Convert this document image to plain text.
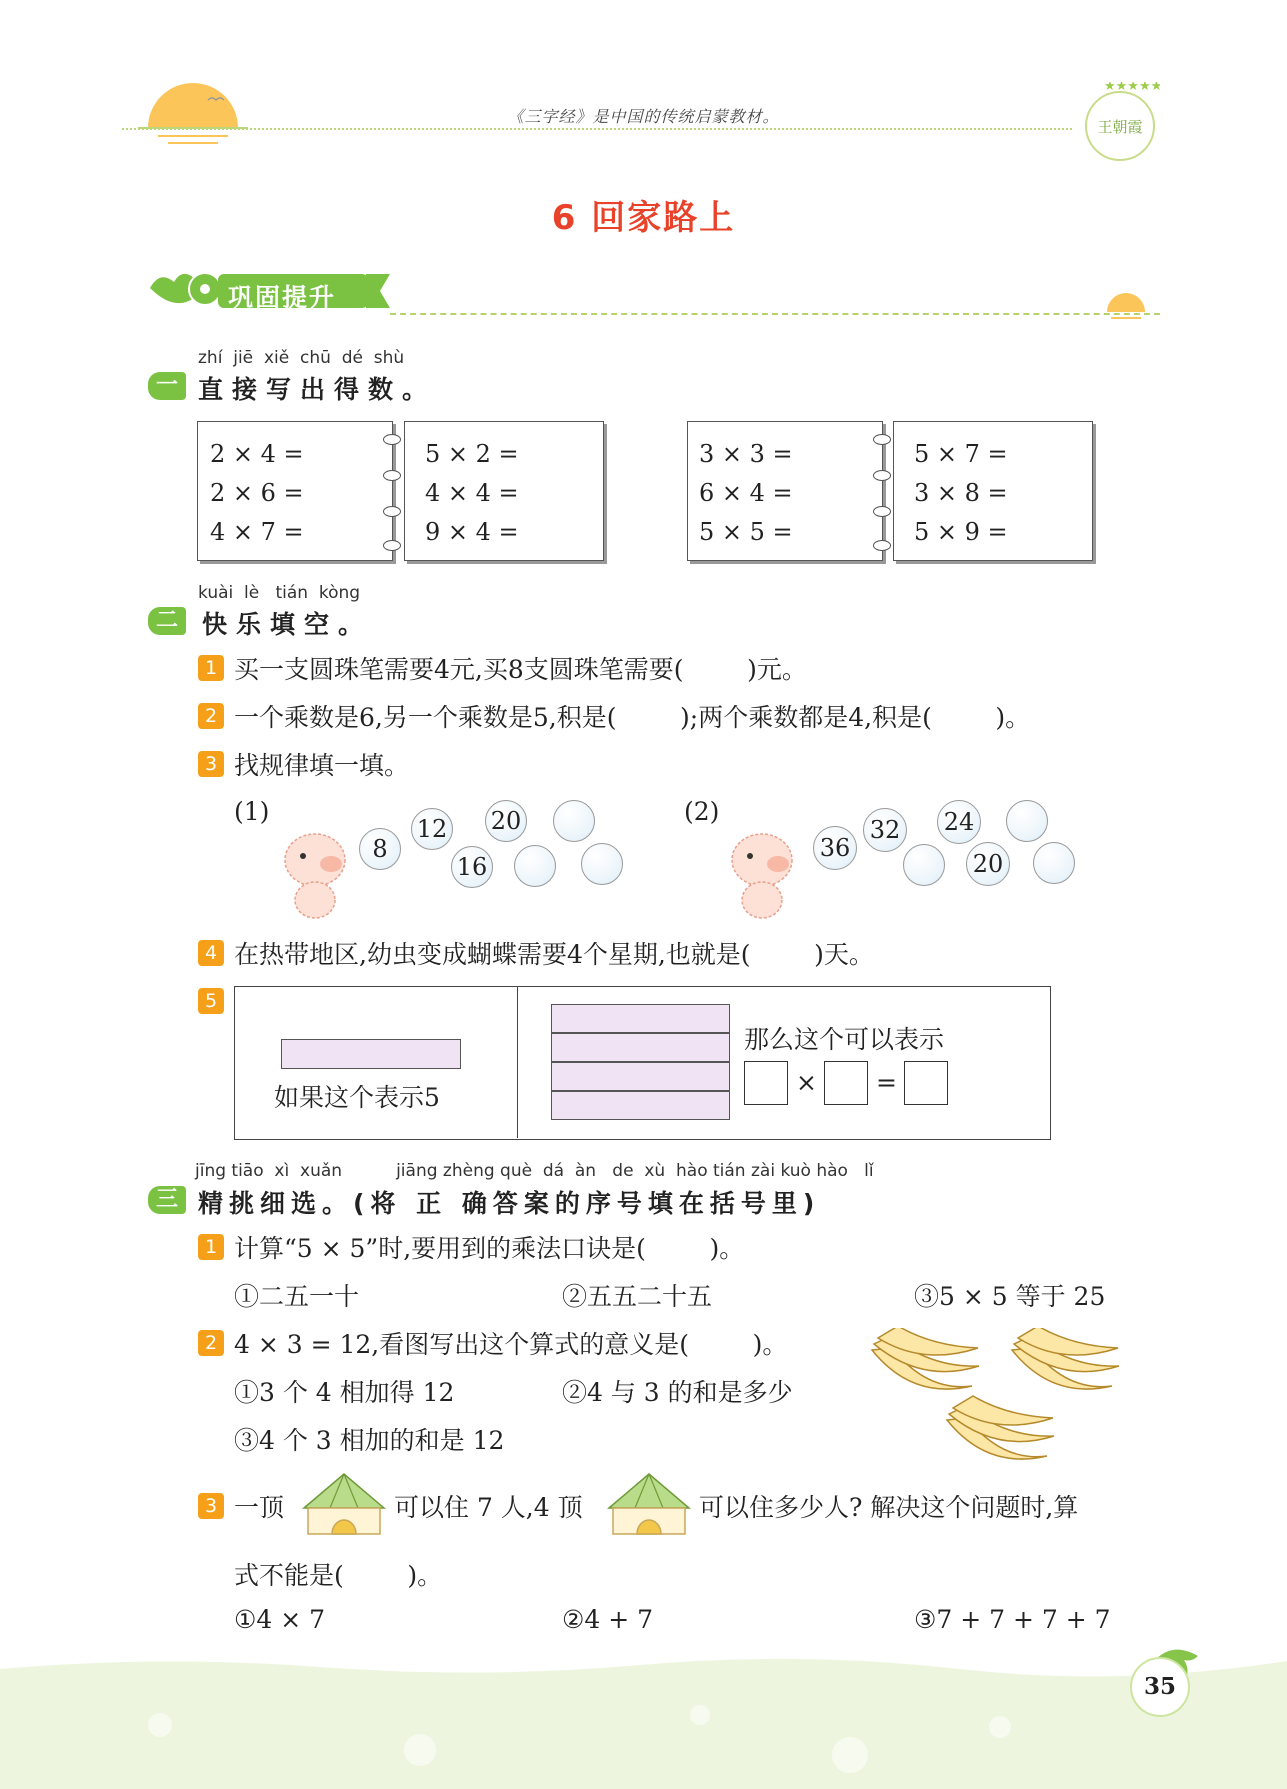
《三字经》是中国的传统启蒙教材。
★★★★★
王朝霞
6 回家路上
巩固提升
zhí  jiē  xiě  chū  dé  shù
一 直接写出得数。
2 × 4 =
2 × 6 =
4 × 7 =
5 × 2 =
4 × 4 =
9 × 4 =
3 × 3 =
6 × 4 =
5 × 5 =
5 × 7 =
3 × 8 =
5 × 9 =
kuài  lè   tián  kòng
二 快乐填空。
1 买一支圆珠笔需要4元,买8支圆珠笔需要(        )元。
2 一个乘数是6,另一个乘数是5,积是(        );两个乘数都是4,积是(        )。
3 找规律填一填。
(1)	(2)
8
12
16
20
36
32 24
20
4 在热带地区,幼虫变成蝴蝶需要4个星期,也就是(        )天。
5
如果这个表示5
那么这个可以表示
× =
jīng tiāo  xì  xuǎn          jiāng zhèng què  dá  àn   de  xù  hào tián zài kuò hào   lǐ
三 精挑细选。(将 正 确答案的序号填在括号里)
1 计算“5 × 5”时,要用到的乘法口诀是(        )。
①二五一十	②五五二十五	③5 × 5 等于 25
2 4 × 3 = 12,看图写出这个算式的意义是(        )。
①3 个 4 相加得 12	②4 与 3 的和是多少
③4 个 3 相加的和是 12
3 一顶	可以住 7 人,4 顶	可以住多少人? 解决这个问题时,算
式不能是(        )。
①4 × 7	②4 + 7	③7 + 7 + 7 + 7
35
